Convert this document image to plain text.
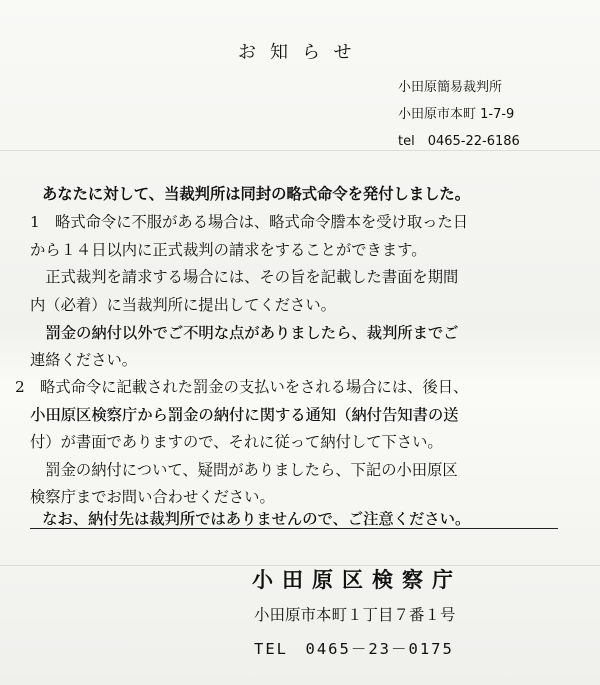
お知らせ
小田原簡易裁判所
小田原市本町 1-7-9
tel　0465-22-6186
あなたに対して、当裁判所は同封の略式命令を発付しました。
1　略式命令に不服がある場合は、略式命令謄本を受け取った日
から１４日以内に正式裁判の請求をすることができます。
　正式裁判を請求する場合には、その旨を記載した書面を期間
内（必着）に当裁判所に提出してください。
　罰金の納付以外でご不明な点がありましたら、裁判所までご
連絡ください。
2　略式命令に記載された罰金の支払いをされる場合には、後日、
小田原区検察庁から罰金の納付に関する通知（納付告知書の送
付）が書面でありますので、それに従って納付して下さい。
　罰金の納付について、疑問がありましたら、下記の小田原区
検察庁までお問い合わせください。
なお、納付先は裁判所ではありませんので、ご注意ください。
小田原区検察庁
小田原市本町１丁目７番１号
TEL　0465－23－0175
